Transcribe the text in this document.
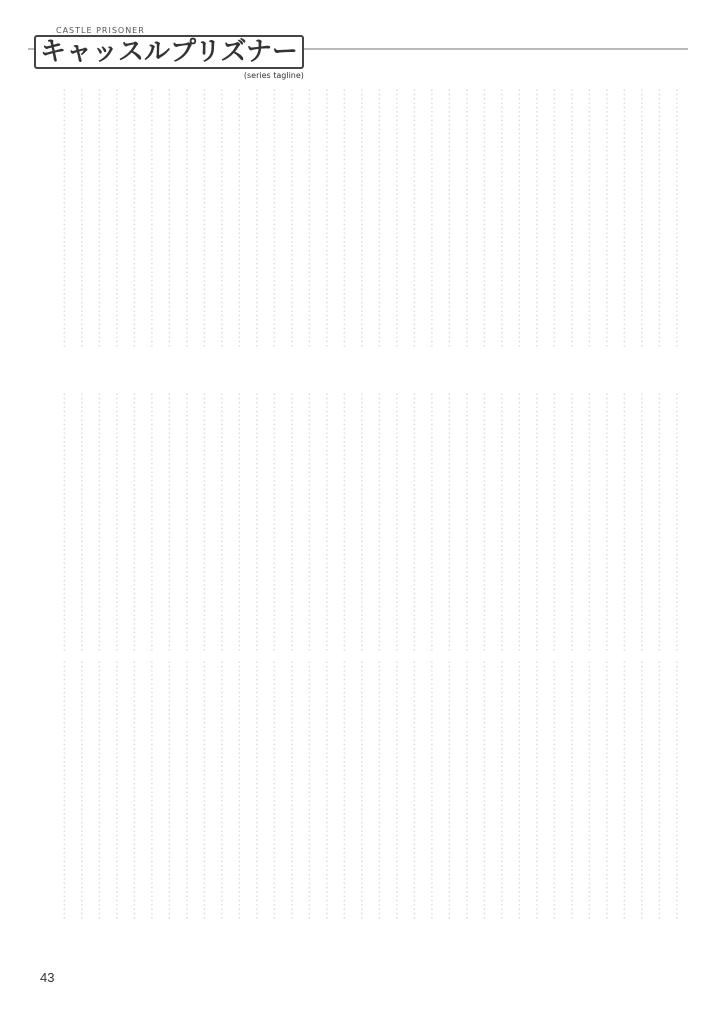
CASTLE PRISONER
キャッスルプリズナー
(series tagline)
……………………………………………………
……………………………………………………
……………………………………………………
……………………………………………………
……………………………………………………
……………………………………………………
……………………………………………………
……………………………………………………
……………………………………………………
……………………………………………………
……………………………………………………
……………………………………………………
……………………………………………………
……………………………………………………
……………………………………………………
……………………………………………………
……………………………………………………
……………………………………………………
……………………………………………………
……………………………………………………
……………………………………………………
……………………………………………………
……………………………………………………
……………………………………………………
……………………………………………………
……………………………………………………
……………………………………………………
……………………………………………………
……………………………………………………
……………………………………………………
……………………………………………………
……………………………………………………
……………………………………………………
……………………………………………………
……………………………………………………
……………………………………………………
……………………………………………………
……………………………………………………
……………………………………………………
……………………………………………………
……………………………………………………
……………………………………………………
……………………………………………………
……………………………………………………
……………………………………………………
……………………………………………………
……………………………………………………
……………………………………………………
……………………………………………………
……………………………………………………
……………………………………………………
……………………………………………………
……………………………………………………
……………………………………………………
……………………………………………………
……………………………………………………
……………………………………………………
……………………………………………………
……………………………………………………
……………………………………………………
……………………………………………………
……………………………………………………
……………………………………………………
……………………………………………………
……………………………………………………
……………………………………………………
……………………………………………………
……………………………………………………
……………………………………………………
……………………………………………………
……………………………………………………
……………………………………………………
……………………………………………………
……………………………………………………
……………………………………………………
……………………………………………………
……………………………………………………
……………………………………………………
……………………………………………………
……………………………………………………
……………………………………………………
……………………………………………………
……………………………………………………
……………………………………………………
……………………………………………………
……………………………………………………
……………………………………………………
……………………………………………………
……………………………………………………
……………………………………………………
……………………………………………………
……………………………………………………
……………………………………………………
……………………………………………………
……………………………………………………
……………………………………………………
……………………………………………………
……………………………………………………
……………………………………………………
……………………………………………………
……………………………………………………
……………………………………………………
……………………………………………………
……………………………………………………
……………………………………………………
……………………………………………………
……………………………………………………
……………………………………………………
43
